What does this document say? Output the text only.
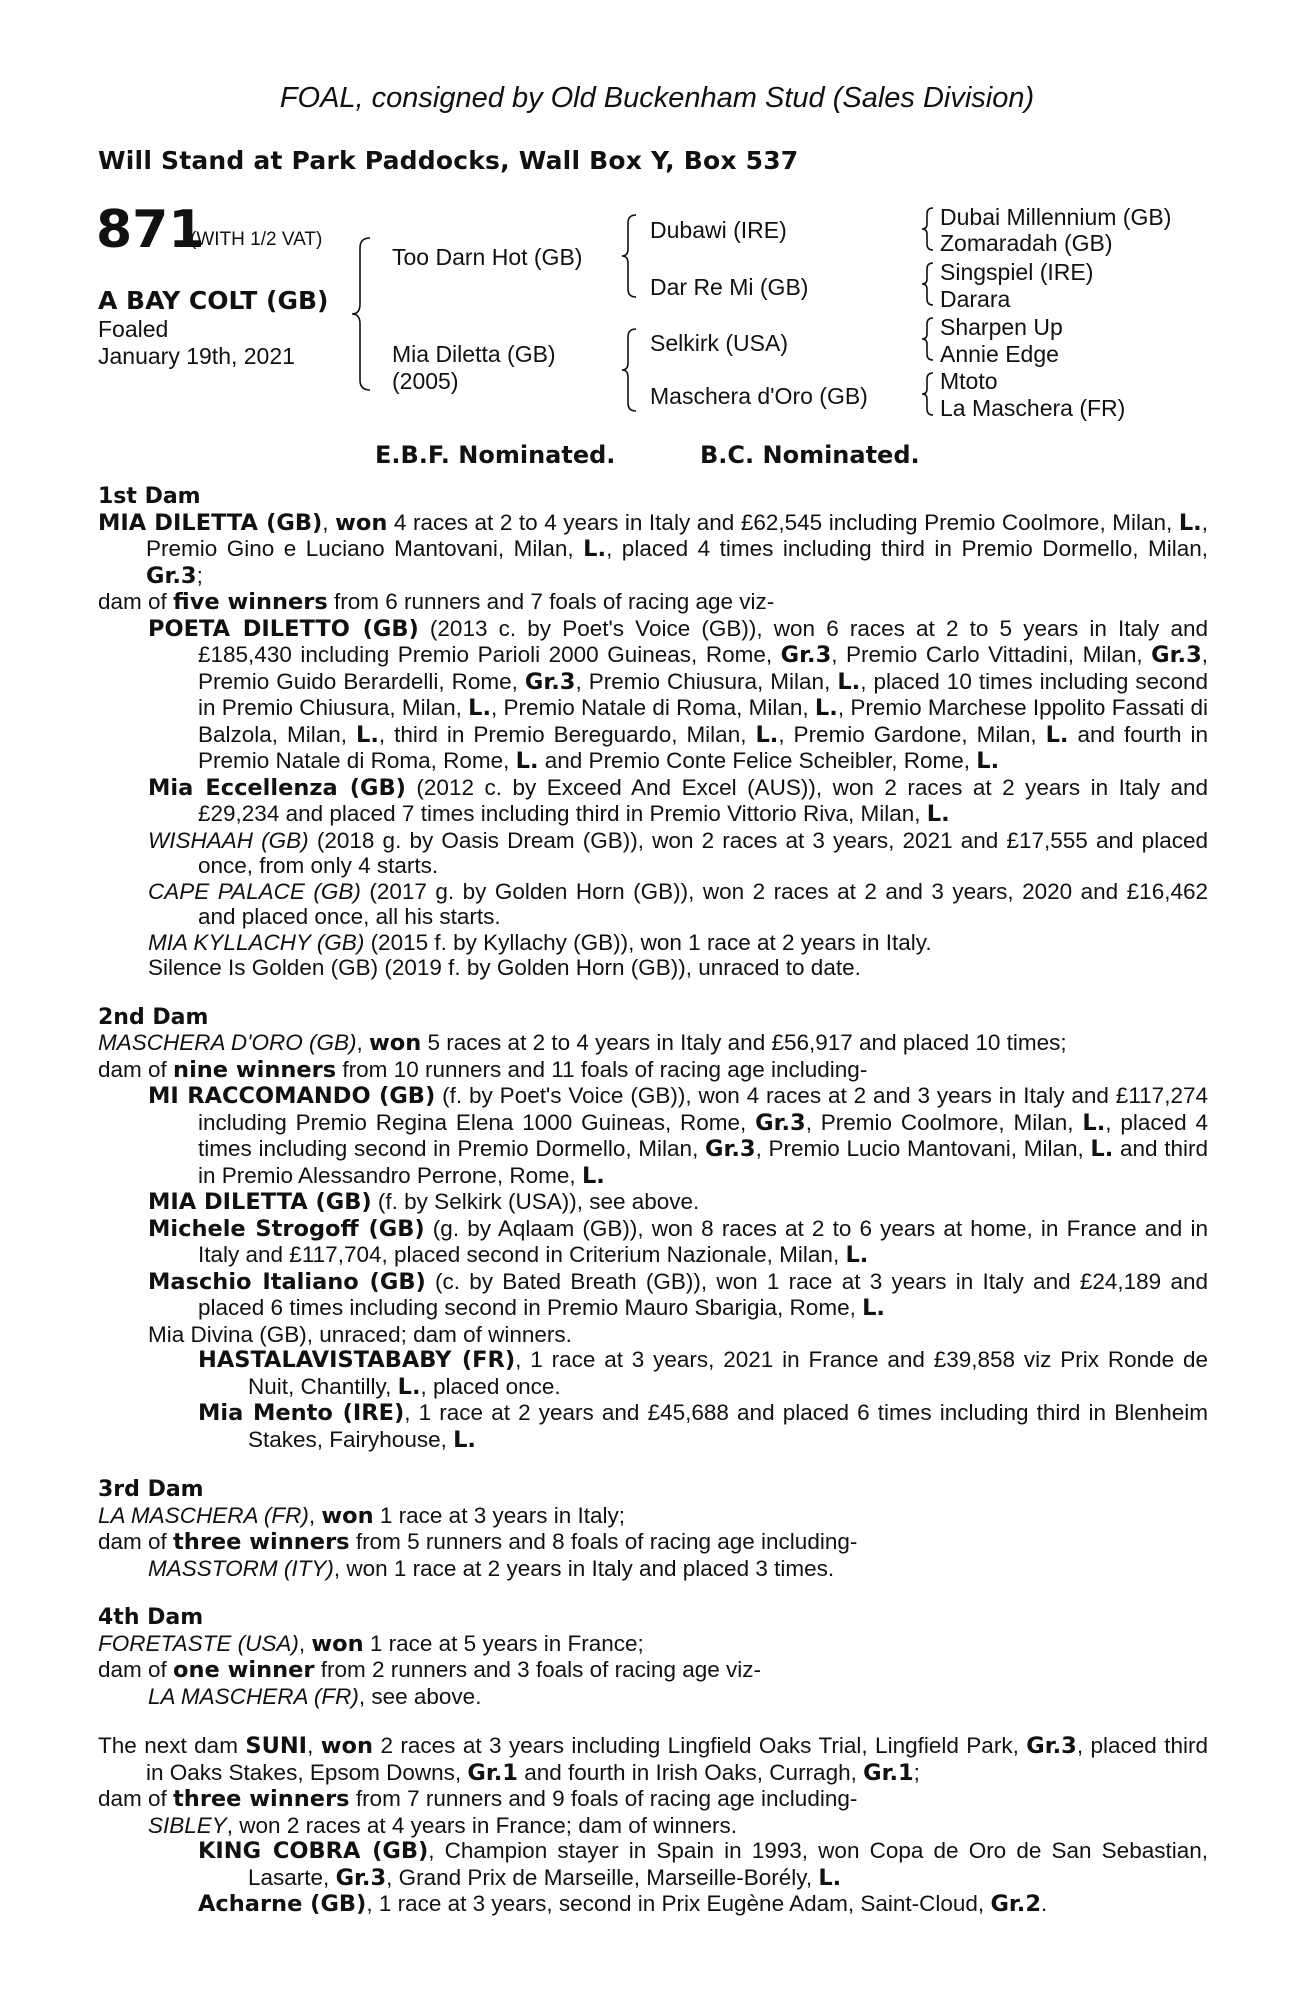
FOAL, consigned by Old Buckenham Stud (Sales Division)
Will Stand at Park Paddocks, Wall Box Y, Box 537
871
(WITH 1/2 VAT)
A BAY COLT (GB)
Foaled
January 19th, 2021
Too Darn Hot (GB)
Mia Diletta (GB)
(2005)
Dubawi (IRE)
Dar Re Mi (GB)
Selkirk (USA)
Maschera d'Oro (GB)
Dubai Millennium (GB)
Zomaradah (GB)
Singspiel (IRE)
Darara
Sharpen Up
Annie Edge
Mtoto
La Maschera (FR)
E.B.F. Nominated.	B.C. Nominated.
1st Dam
MIA DILETTA (GB), won 4 races at 2 to 4 years in Italy and £62,545 including Premio Coolmore, Milan, L., Premio Gino e Luciano Mantovani, Milan, L., placed 4 times including third in Premio Dormello, Milan, Gr.3;
dam of five winners from 6 runners and 7 foals of racing age viz-
POETA DILETTO (GB) (2013 c. by Poet's Voice (GB)), won 6 races at 2 to 5 years in Italy and £185,430 including Premio Parioli 2000 Guineas, Rome, Gr.3, Premio Carlo Vittadini, Milan, Gr.3, Premio Guido Berardelli, Rome, Gr.3, Premio Chiusura, Milan, L., placed 10 times including second in Premio Chiusura, Milan, L., Premio Natale di Roma, Milan, L., Premio Marchese Ippolito Fassati di Balzola, Milan, L., third in Premio Bereguardo, Milan, L., Premio Gardone, Milan, L. and fourth in Premio Natale di Roma, Rome, L. and Premio Conte Felice Scheibler, Rome, L.
Mia Eccellenza (GB) (2012 c. by Exceed And Excel (AUS)), won 2 races at 2 years in Italy and £29,234 and placed 7 times including third in Premio Vittorio Riva, Milan, L.
WISHAAH (GB) (2018 g. by Oasis Dream (GB)), won 2 races at 3 years, 2021 and £17,555 and placed once, from only 4 starts.
CAPE PALACE (GB) (2017 g. by Golden Horn (GB)), won 2 races at 2 and 3 years, 2020 and £16,462 and placed once, all his starts.
MIA KYLLACHY (GB) (2015 f. by Kyllachy (GB)), won 1 race at 2 years in Italy.
Silence Is Golden (GB) (2019 f. by Golden Horn (GB)), unraced to date.
2nd Dam
MASCHERA D'ORO (GB), won 5 races at 2 to 4 years in Italy and £56,917 and placed 10 times;
dam of nine winners from 10 runners and 11 foals of racing age including-
MI RACCOMANDO (GB) (f. by Poet's Voice (GB)), won 4 races at 2 and 3 years in Italy and £117,274 including Premio Regina Elena 1000 Guineas, Rome, Gr.3, Premio Coolmore, Milan, L., placed 4 times including second in Premio Dormello, Milan, Gr.3, Premio Lucio Mantovani, Milan, L. and third in Premio Alessandro Perrone, Rome, L.
MIA DILETTA (GB) (f. by Selkirk (USA)), see above.
Michele Strogoff (GB) (g. by Aqlaam (GB)), won 8 races at 2 to 6 years at home, in France and in Italy and £117,704, placed second in Criterium Nazionale, Milan, L.
Maschio Italiano (GB) (c. by Bated Breath (GB)), won 1 race at 3 years in Italy and £24,189 and placed 6 times including second in Premio Mauro Sbarigia, Rome, L.
Mia Divina (GB), unraced; dam of winners.
HASTALAVISTABABY (FR), 1 race at 3 years, 2021 in France and £39,858 viz Prix Ronde de Nuit, Chantilly, L., placed once.
Mia Mento (IRE), 1 race at 2 years and £45,688 and placed 6 times including third in Blenheim Stakes, Fairyhouse, L.
3rd Dam
LA MASCHERA (FR), won 1 race at 3 years in Italy;
dam of three winners from 5 runners and 8 foals of racing age including-
MASSTORM (ITY), won 1 race at 2 years in Italy and placed 3 times.
4th Dam
FORETASTE (USA), won 1 race at 5 years in France;
dam of one winner from 2 runners and 3 foals of racing age viz-
LA MASCHERA (FR), see above.
The next dam SUNI, won 2 races at 3 years including Lingfield Oaks Trial, Lingfield Park, Gr.3, placed third in Oaks Stakes, Epsom Downs, Gr.1 and fourth in Irish Oaks, Curragh, Gr.1;
dam of three winners from 7 runners and 9 foals of racing age including-
SIBLEY, won 2 races at 4 years in France; dam of winners.
KING COBRA (GB), Champion stayer in Spain in 1993, won Copa de Oro de San Sebastian, Lasarte, Gr.3, Grand Prix de Marseille, Marseille-Borély, L.
Acharne (GB), 1 race at 3 years, second in Prix Eugène Adam, Saint-Cloud, Gr.2.
